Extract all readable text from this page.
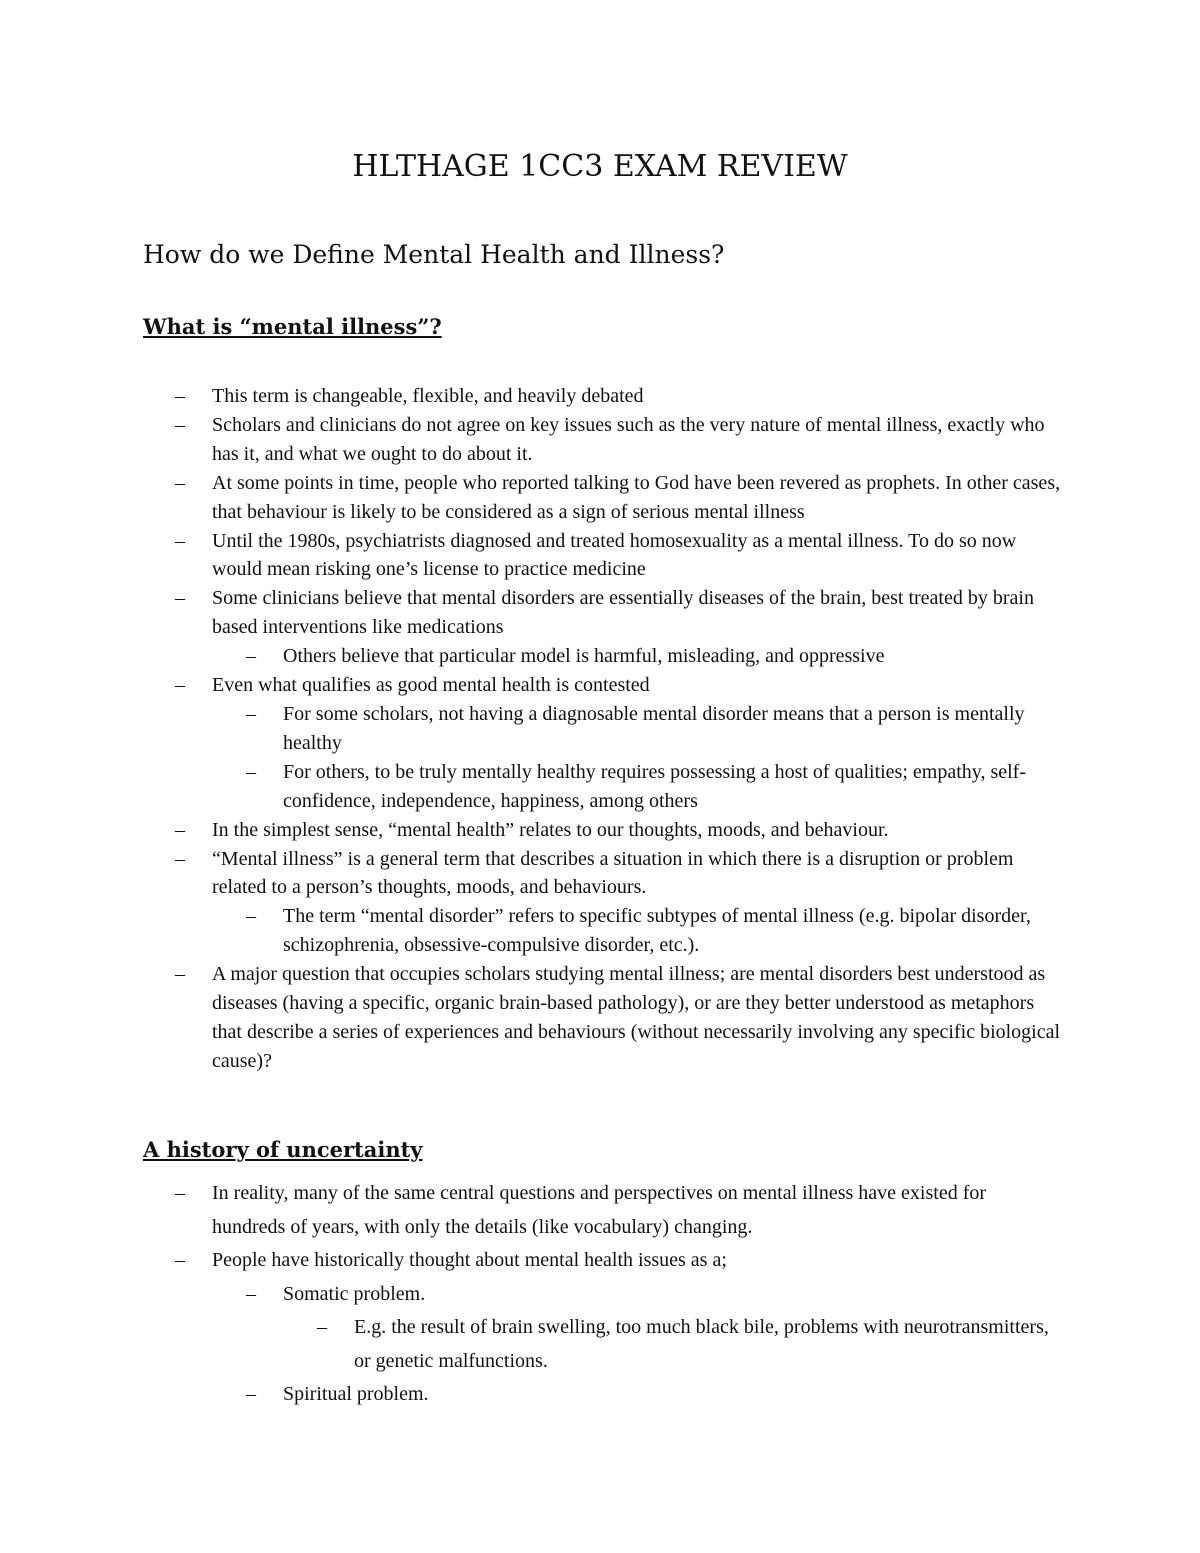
HLTHAGE 1CC3 EXAM REVIEW
How do we Define Mental Health and Illness?
What is “mental illness”?
– This term is changeable, flexible, and heavily debated
– Scholars and clinicians do not agree on key issues such as the very nature of mental illness, exactly who has it, and what we ought to do about it.
– At some points in time, people who reported talking to God have been revered as prophets. In other cases, that behaviour is likely to be considered as a sign of serious mental illness
– Until the 1980s, psychiatrists diagnosed and treated homosexuality as a mental illness. To do so now would mean risking one’s license to practice medicine
– Some clinicians believe that mental disorders are essentially diseases of the brain, best treated by brain based interventions like medications
– Others believe that particular model is harmful, misleading, and oppressive
– Even what qualifies as good mental health is contested
– For some scholars, not having a diagnosable mental disorder means that a person is mentally healthy
– For others, to be truly mentally healthy requires possessing a host of qualities; empathy, self-confidence, independence, happiness, among others
– In the simplest sense, “mental health” relates to our thoughts, moods, and behaviour.
– “Mental illness” is a general term that describes a situation in which there is a disruption or problem related to a person’s thoughts, moods, and behaviours.
– The term “mental disorder” refers to specific subtypes of mental illness (e.g. bipolar disorder, schizophrenia, obsessive-compulsive disorder, etc.).
– A major question that occupies scholars studying mental illness; are mental disorders best understood as diseases (having a specific, organic brain-based pathology), or are they better understood as metaphors that describe a series of experiences and behaviours (without necessarily involving any specific biological cause)?
A history of uncertainty
– In reality, many of the same central questions and perspectives on mental illness have existed for hundreds of years, with only the details (like vocabulary) changing.
– People have historically thought about mental health issues as a;
– Somatic problem.
– E.g. the result of brain swelling, too much black bile, problems with neurotransmitters, or genetic malfunctions.
– Spiritual problem.
